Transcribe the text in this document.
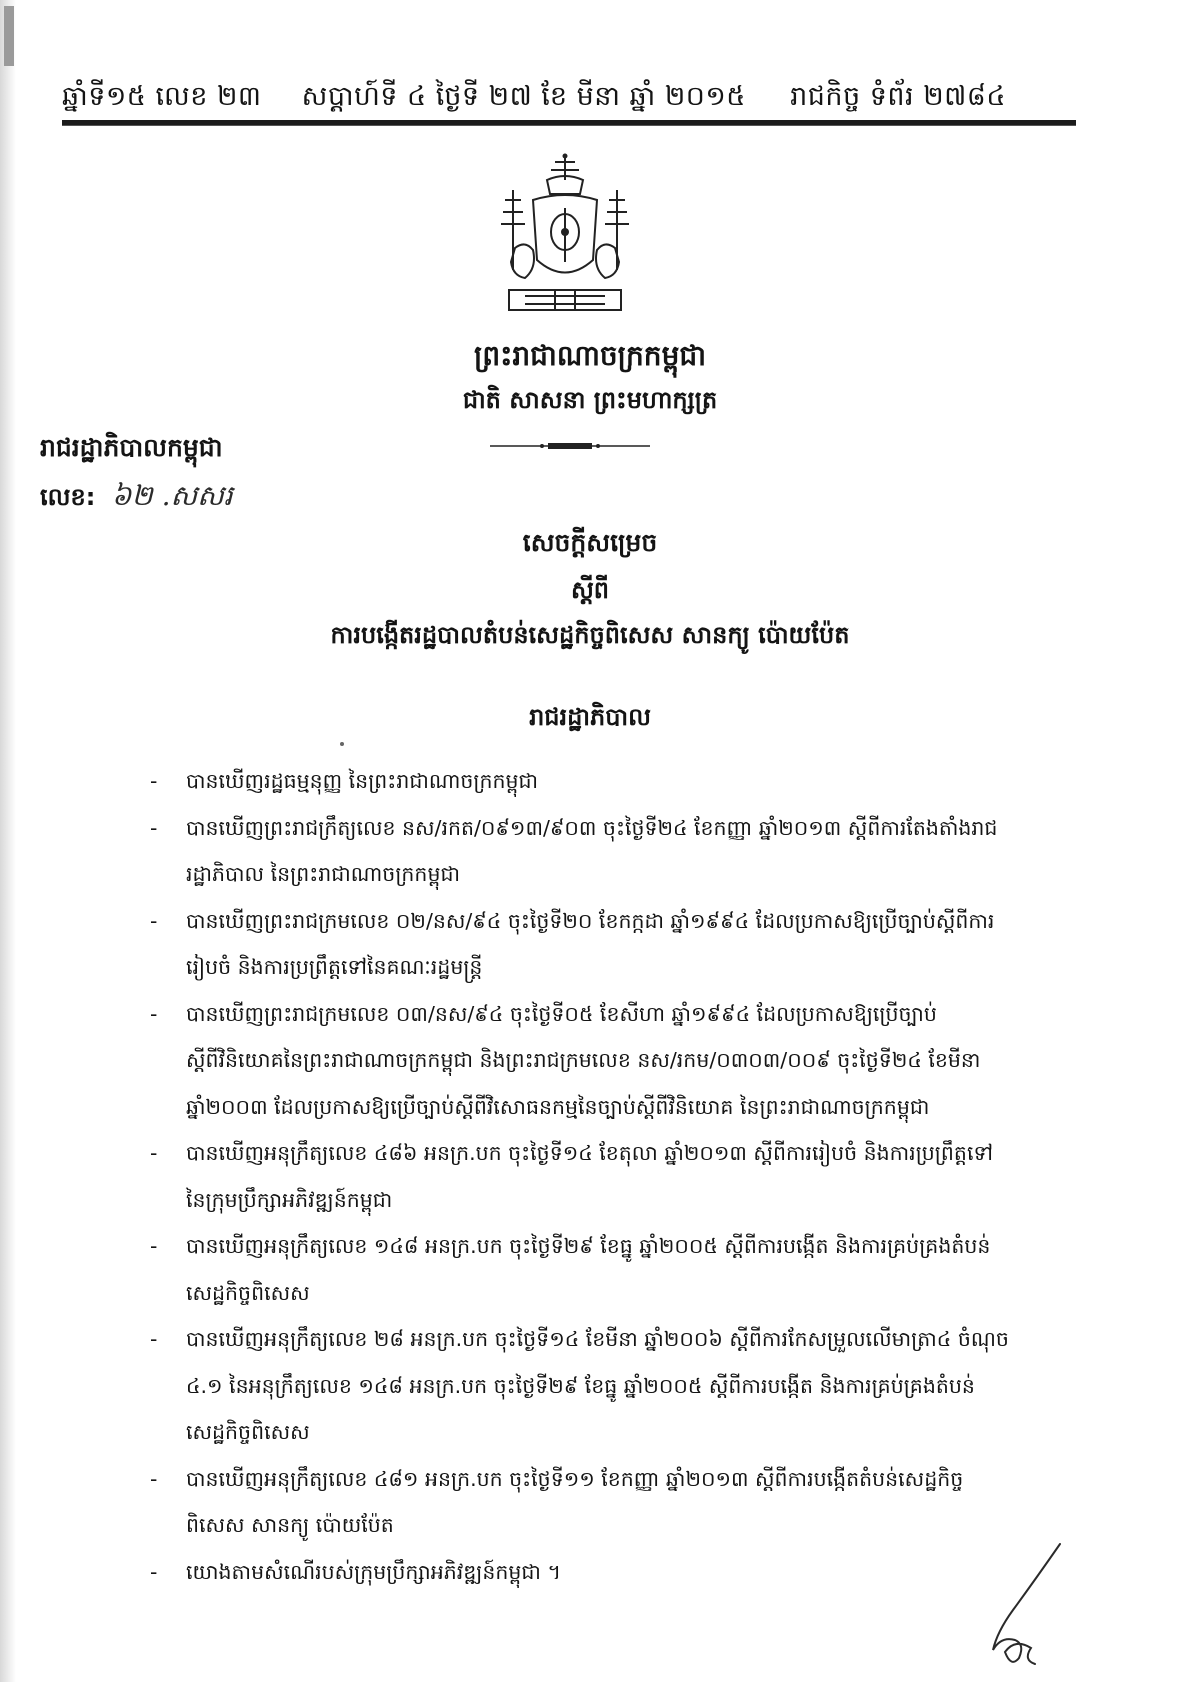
ឆ្នាំទី១៥ លេខ ២៣ សប្តាហ៍ទី ៤ ថ្ងៃទី ២៧ ខែ មីនា ឆ្នាំ ២០១៥ រាជកិច្ច ទំព័រ ២៧៨៤
ព្រះរាជាណាចក្រកម្ពុជា
ជាតិ សាសនា ព្រះមហាក្សត្រ
រាជរដ្ឋាភិបាលកម្ពុជា
លេខ: ៦២ .សសរ
សេចក្ដីសម្រេច
ស្ដីពី
ការបង្កើតរដ្ឋបាលតំបន់សេដ្ឋកិច្ចពិសេស សានក្យូ ប៉ោយប៉ែត
រាជរដ្ឋាភិបាល
- បានឃើញរដ្ឋធម្មនុញ្ញ នៃព្រះរាជាណាចក្រកម្ពុជា
- បានឃើញព្រះរាជក្រឹត្យលេខ នស/រកត/០៩១៣/៩០៣ ចុះថ្ងៃទី២៤ ខែកញ្ញា ឆ្នាំ២០១៣ ស្ដីពីការតែងតាំងរាជរដ្ឋាភិបាល នៃព្រះរាជាណាចក្រកម្ពុជា
- បានឃើញព្រះរាជក្រមលេខ ០២/នស/៩៤ ចុះថ្ងៃទី២០ ខែកក្កដា ឆ្នាំ១៩៩៤ ដែលប្រកាសឱ្យប្រើច្បាប់ស្ដីពីការរៀបចំ និងការប្រព្រឹត្តទៅនៃគណៈរដ្ឋមន្ត្រី
- បានឃើញព្រះរាជក្រមលេខ ០៣/នស/៩៤ ចុះថ្ងៃទី០៥ ខែសីហា ឆ្នាំ១៩៩៤ ដែលប្រកាសឱ្យប្រើច្បាប់ស្ដីពីវិនិយោគនៃព្រះរាជាណាចក្រកម្ពុជា និងព្រះរាជក្រមលេខ នស/រកម/០៣០៣/០០៩ ចុះថ្ងៃទី២៤ ខែមីនា ឆ្នាំ២០០៣ ដែលប្រកាសឱ្យប្រើច្បាប់ស្ដីពីវិសោធនកម្មនៃច្បាប់ស្ដីពីវិនិយោគ នៃព្រះរាជាណាចក្រកម្ពុជា
- បានឃើញអនុក្រឹត្យលេខ ៤៨៦ អនក្រ.បក ចុះថ្ងៃទី១៤ ខែតុលា ឆ្នាំ២០១៣ ស្ដីពីការរៀបចំ និងការប្រព្រឹត្តទៅនៃក្រុមប្រឹក្សាអភិវឌ្ឍន៍កម្ពុជា
- បានឃើញអនុក្រឹត្យលេខ ១៤៨ អនក្រ.បក ចុះថ្ងៃទី២៩ ខែធ្នូ ឆ្នាំ២០០៥ ស្ដីពីការបង្កើត និងការគ្រប់គ្រងតំបន់សេដ្ឋកិច្ចពិសេស
- បានឃើញអនុក្រឹត្យលេខ ២៨ អនក្រ.បក ចុះថ្ងៃទី១៤ ខែមីនា ឆ្នាំ២០០៦ ស្ដីពីការកែសម្រួលលើមាត្រា៤ ចំណុច ៤.១ នៃអនុក្រឹត្យលេខ ១៤៨ អនក្រ.បក ចុះថ្ងៃទី២៩ ខែធ្នូ ឆ្នាំ២០០៥ ស្ដីពីការបង្កើត និងការគ្រប់គ្រងតំបន់សេដ្ឋកិច្ចពិសេស
- បានឃើញអនុក្រឹត្យលេខ ៤៨១ អនក្រ.បក ចុះថ្ងៃទី១១ ខែកញ្ញា ឆ្នាំ២០១៣ ស្ដីពីការបង្កើតតំបន់សេដ្ឋកិច្ចពិសេស សានក្យូ ប៉ោយប៉ែត
- យោងតាមសំណើរបស់ក្រុមប្រឹក្សាអភិវឌ្ឍន៍កម្ពុជា ។
